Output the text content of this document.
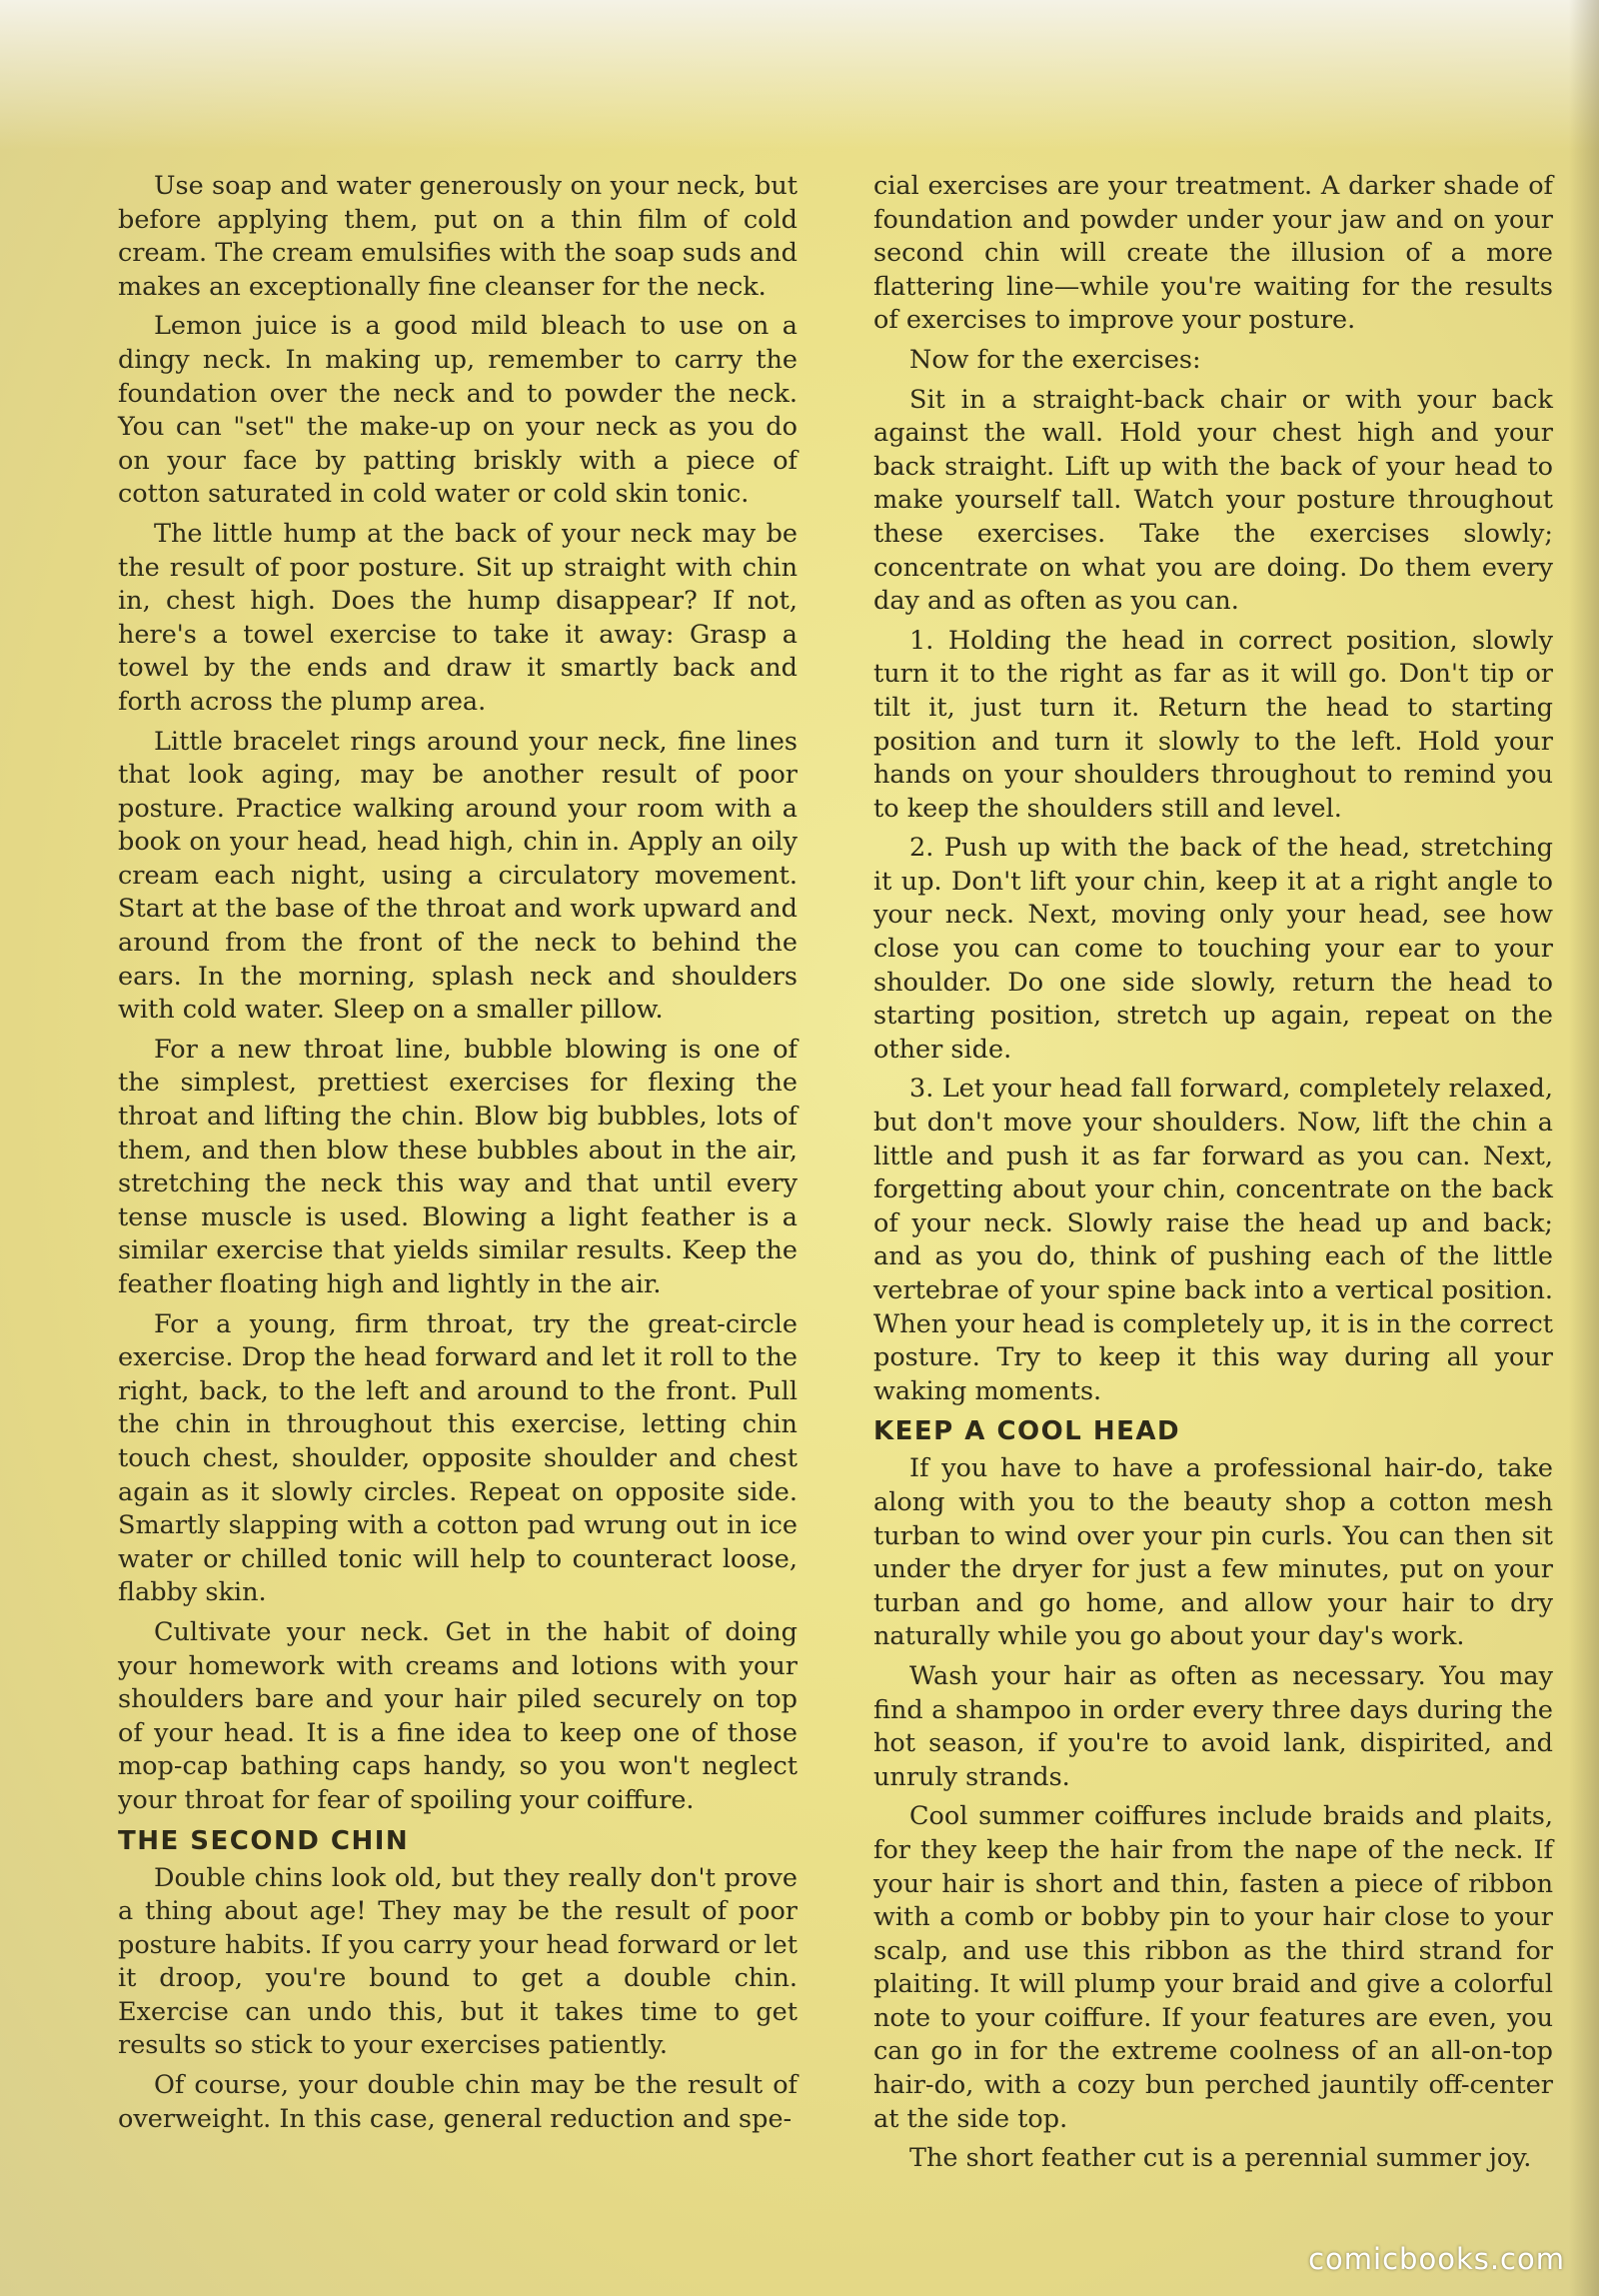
Use soap and water generously on your neck, but before applying them, put on a thin film of cold cream. The cream emulsifies with the soap suds and makes an exceptionally fine cleanser for the neck.

Lemon juice is a good mild bleach to use on a dingy neck. In making up, remember to carry the foundation over the neck and to powder the neck. You can "set" the make-up on your neck as you do on your face by patting briskly with a piece of cotton saturated in cold water or cold skin tonic.

The little hump at the back of your neck may be the result of poor posture. Sit up straight with chin in, chest high. Does the hump disappear? If not, here's a towel exercise to take it away: Grasp a towel by the ends and draw it smartly back and forth across the plump area.

Little bracelet rings around your neck, fine lines that look aging, may be another result of poor posture. Practice walking around your room with a book on your head, head high, chin in. Apply an oily cream each night, using a circulatory movement. Start at the base of the throat and work upward and around from the front of the neck to behind the ears. In the morning, splash neck and shoulders with cold water. Sleep on a smaller pillow.

For a new throat line, bubble blowing is one of the simplest, prettiest exercises for flexing the throat and lifting the chin. Blow big bubbles, lots of them, and then blow these bubbles about in the air, stretching the neck this way and that until every tense muscle is used. Blowing a light feather is a similar exercise that yields similar results. Keep the feather floating high and lightly in the air.

For a young, firm throat, try the great-circle exercise. Drop the head forward and let it roll to the right, back, to the left and around to the front. Pull the chin in throughout this exercise, letting chin touch chest, shoulder, opposite shoulder and chest again as it slowly circles. Repeat on opposite side. Smartly slapping with a cotton pad wrung out in ice water or chilled tonic will help to counteract loose, flabby skin.

Cultivate your neck. Get in the habit of doing your homework with creams and lotions with your shoulders bare and your hair piled securely on top of your head. It is a fine idea to keep one of those mop-cap bathing caps handy, so you won't neglect your throat for fear of spoiling your coiffure.

THE SECOND CHIN

Double chins look old, but they really don't prove a thing about age! They may be the result of poor posture habits. If you carry your head forward or let it droop, you're bound to get a double chin. Exercise can undo this, but it takes time to get results so stick to your exercises patiently.

Of course, your double chin may be the result of overweight. In this case, general reduction and spe-

cial exercises are your treatment. A darker shade of foundation and powder under your jaw and on your second chin will create the illusion of a more flattering line—while you're waiting for the results of exercises to improve your posture.

Now for the exercises:

Sit in a straight-back chair or with your back against the wall. Hold your chest high and your back straight. Lift up with the back of your head to make yourself tall. Watch your posture throughout these exercises. Take the exercises slowly; concentrate on what you are doing. Do them every day and as often as you can.

1. Holding the head in correct position, slowly turn it to the right as far as it will go. Don't tip or tilt it, just turn it. Return the head to starting position and turn it slowly to the left. Hold your hands on your shoulders throughout to remind you to keep the shoulders still and level.

2. Push up with the back of the head, stretching it up. Don't lift your chin, keep it at a right angle to your neck. Next, moving only your head, see how close you can come to touching your ear to your shoulder. Do one side slowly, return the head to starting position, stretch up again, repeat on the other side.

3. Let your head fall forward, completely relaxed, but don't move your shoulders. Now, lift the chin a little and push it as far forward as you can. Next, forgetting about your chin, concentrate on the back of your neck. Slowly raise the head up and back; and as you do, think of pushing each of the little vertebrae of your spine back into a vertical position. When your head is completely up, it is in the correct posture. Try to keep it this way during all your waking moments.

KEEP A COOL HEAD

If you have to have a professional hair-do, take along with you to the beauty shop a cotton mesh turban to wind over your pin curls. You can then sit under the dryer for just a few minutes, put on your turban and go home, and allow your hair to dry naturally while you go about your day's work.

Wash your hair as often as necessary. You may find a shampoo in order every three days during the hot season, if you're to avoid lank, dispirited, and unruly strands.

Cool summer coiffures include braids and plaits, for they keep the hair from the nape of the neck. If your hair is short and thin, fasten a piece of ribbon with a comb or bobby pin to your hair close to your scalp, and use this ribbon as the third strand for plaiting. It will plump your braid and give a colorful note to your coiffure. If your features are even, you can go in for the extreme coolness of an all-on-top hair-do, with a cozy bun perched jauntily off-center at the side top.

The short feather cut is a perennial summer joy.

comicbooks.com
